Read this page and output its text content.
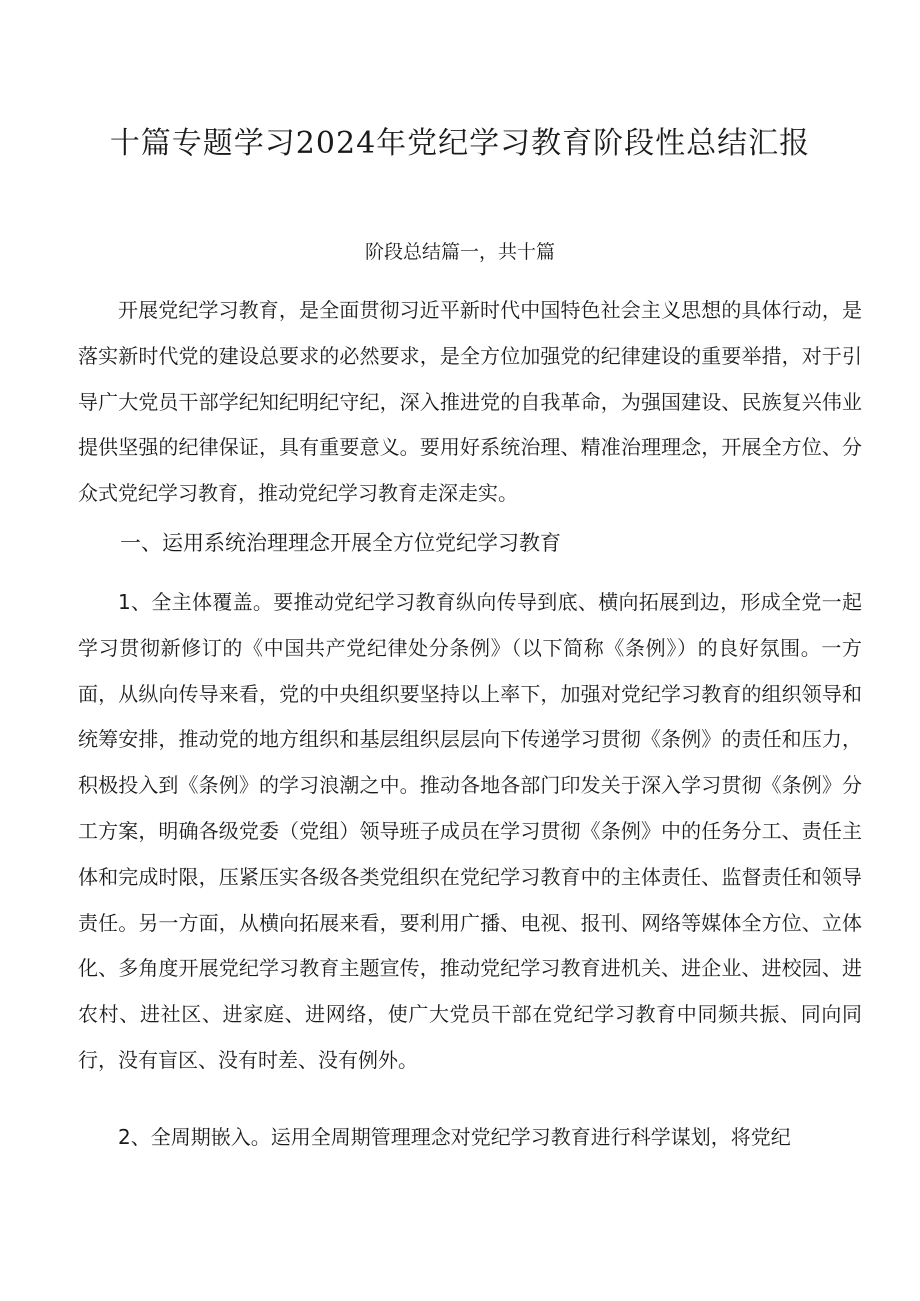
十篇专题学习2024年党纪学习教育阶段性总结汇报

阶段总结篇一，共十篇

开展党纪学习教育，是全面贯彻习近平新时代中国特色社会主义思想的具体行动，是落实新时代党的建设总要求的必然要求，是全方位加强党的纪律建设的重要举措，对于引导广大党员干部学纪知纪明纪守纪，深入推进党的自我革命，为强国建设、民族复兴伟业提供坚强的纪律保证，具有重要意义。要用好系统治理、精准治理理念，开展全方位、分众式党纪学习教育，推动党纪学习教育走深走实。

一、运用系统治理理念开展全方位党纪学习教育

1、全主体覆盖。要推动党纪学习教育纵向传导到底、横向拓展到边，形成全党一起学习贯彻新修订的《中国共产党纪律处分条例》（以下简称《条例》）的良好氛围。一方面，从纵向传导来看，党的中央组织要坚持以上率下，加强对党纪学习教育的组织领导和统筹安排，推动党的地方组织和基层组织层层向下传递学习贯彻《条例》的责任和压力，积极投入到《条例》的学习浪潮之中。推动各地各部门印发关于深入学习贯彻《条例》分工方案，明确各级党委（党组）领导班子成员在学习贯彻《条例》中的任务分工、责任主体和完成时限，压紧压实各级各类党组织在党纪学习教育中的主体责任、监督责任和领导责任。另一方面，从横向拓展来看，要利用广播、电视、报刊、网络等媒体全方位、立体化、多角度开展党纪学习教育主题宣传，推动党纪学习教育进机关、进企业、进校园、进农村、进社区、进家庭、进网络，使广大党员干部在党纪学习教育中同频共振、同向同行，没有盲区、没有时差、没有例外。

2、全周期嵌入。运用全周期管理理念对党纪学习教育进行科学谋划，将党纪
